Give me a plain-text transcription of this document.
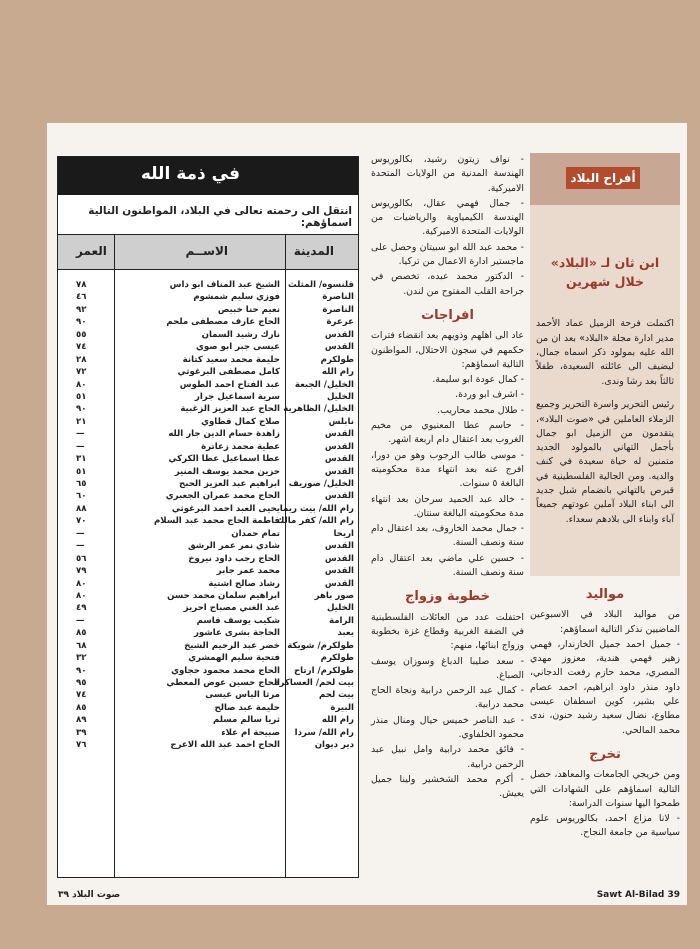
في ذمة الله
انتقل الى رحمته تعالى في البلاد، المواطنون التالية اسماؤهم:
المدينة
الاســم
العمر
قلنسوه/ المثلث
الشيخ عبد المناف ابو داس
٧٨
الناصرة
فوزي سليم شمشوم
٤٦
الناصرة
نعيم حنا خبيص
٩٢
عرعرة
الحاج عارف مصطفى ملحم
٩٠
القدس
نارك رشيد السمان
٥٥
القدس
عيسى جبر ابو صوي
٧٤
طولكرم
حليمة محمد سعيد كتانة
٢٨
رام الله
كامل مصطفى البرغوثي
٧٢
الخليل/ الجبعة
عبد الفتاح احمد الطوس
٨٠
الخليل
سرية اسماعيل جرار
٥١
الخليل/ الظاهرية
الحاج عبد العزيز الزغبية
٩٠
نابلس
صلاح كمال قطاوي
٢١
القدس
زاهدة حسام الدين جار الله
—
القدس
عطية محمد زعاترة
—
القدس
عطا اسماعيل عطا الكركي
٣١
القدس
حزين محمد يوسف المنير
٥١
الخليل/ صوريف
ابراهيم عبد العزيز الحبح
٦٥
القدس
الحاج محمد عمران الجعبري
٦٠
رام الله/ بيت ريما
يحيى العبد احمد البرغوثي
٨٨
رام الله/ كفر مالك
فاطمة الحاج محمد عبد السلام
٧٠
اريحا
تمام حمدان
—
القدس
شادي نمر عمر الرشق
—
القدس
الحاج رجب داود نيروخ
٥٦
القدس
محمد عمر جابر
٧٩
القدس
رشاد صالح اشتية
٨٠
صور باهر
ابراهيم سلمان محمد حسن
٨٠
الخليل
عبد الغني مصباح احريز
٤٩
الرامة
شكيب يوسف قاسم
—
يعبد
الحاجة بشرى عاشور
٨٥
طولكرم/ شويكة
خضر عبد الرحيم الشيخ
٦٨
طولكرم
فتحية سليم الهمشري
٣٢
طولكرم/ ارتاح
الحاج محمد محمود حجاوي
٩٠
بيت لحم/ العساكرة
الحاج حسين عوض المعطي
٩٥
بيت لحم
مرثا الياس عيسى
٧٤
البيرة
حليمة عبد صالح
٨٥
رام الله
ثريا سالم مسلم
٨٩
رام الله/ سردا
صبيحة ام علاء
٣٩
دير ديوان
الحاج احمد عبد الله الاعرج
٧٦

- نواف زيتون رشيد، بكالوريوس الهندسة المدنية من الولايات المتحدة الاميركية.

- جمال فهمي عقال، بكالوريوس الهندسة الكيمياوية والرياضيات من الولايات المتحدة الاميركية.

- محمد عبد الله ابو سبيتان وحصل على ماجستير ادارة الاعمال من تركيا.

- الدكتور محمد عبده، تخصص في جراحة القلب المفتوح من لندن.

افراجات

عاد الى اهلهم وذويهم بعد انقضاء فترات حكمهم في سجون الاحتلال، المواطنون التالية اسماؤهم:

- كمال عودة ابو سليمة.

- اشرف ابو وردة.

- طلال محمد محاريب.

- حاسم عطا المعنيوي من مخيم الغروب بعد اعتقال دام اربعة اشهر.

- موسى طالب الرجوب وهو من دورا، افرج عنه بعد انتهاء مدة محكوميته البالغة ٥ سنوات.

- خالد عبد الحميد سرحان بعد انتهاء مدة محكوميته البالغة سنتان.

- جمال محمد الخاروف، بعد اعتقال دام سنة ونصف السنة.

- حسين علي ماضي بعد اعتقال دام سنة ونصف السنة.

خطوبة وزواج

احتفلت عدد من العائلات الفلسطينية في الضفة الغربية وقطاع غزة بخطوبة وزواج ابنائها، منهم:

- سعد صليبا الدباغ وسوزان يوسف الصباغ.

- كمال عبد الرحمن درابية ونجاة الحاج محمد درابية.

- عبد الناصر خميس حيال ومنال منذر محمود الخلفاوي.

- فائق محمد درابية وامل نبيل عبد الرحمن درابية.

- أكرم محمد الشخشير ولينا جميل يعيش.

أفراح البلاد
ابن ثان لـ «البلاد»
خلال شهرين

اكتملت فرحة الزميل عماد الأحمد مدير ادارة مجلة «البلاد» بعد ان من الله عليه بمولود ذكر اسماه جمال، ليضيف الى عائلته السعيدة، طفلاً ثالثاً بعد رشا وندى.

رئيس التحرير واسرة التحرير وجميع الزملاء العاملين في «صوت البلاد»، يتقدمون من الزميل ابو جمال بأجمل التهاني بالمولود الجديد متمنين له حياة سعيدة في كنف والديه. ومن الجالية الفلسطينية في قبرص بالتهاني بانضمام شبل جديد الى ابناء البلاد آملين عودتهم جميعاً آباء وابناء الى بلادهم سعداء.

مواليد

من مواليد البلاد في الاسبوعين الماضيين نذكر التالية اسماؤهم:

- جميل احمد جميل الخازندار، فهمي زهير فهمي هندية، معزوز مهدي المصري، محمد حازم رفعت الدجاني، داود منذر داود ابراهيم، احمد عصام علي بشير، كوين اسطفان عيسى مطاوع، نضال سعيد رشيد حنون، ندى محمد المالحي.

تخرج

ومن خريجي الجامعات والمعاهد، حصل التالية اسماؤهم على الشهادات التي طمحوا اليها سنوات الدراسة:

- لانا مزاع احمد، بكالوريوس علوم سياسية من جامعة النجاح.

صوت البلاد ٣٩	Sawt Al-Bilad 39
